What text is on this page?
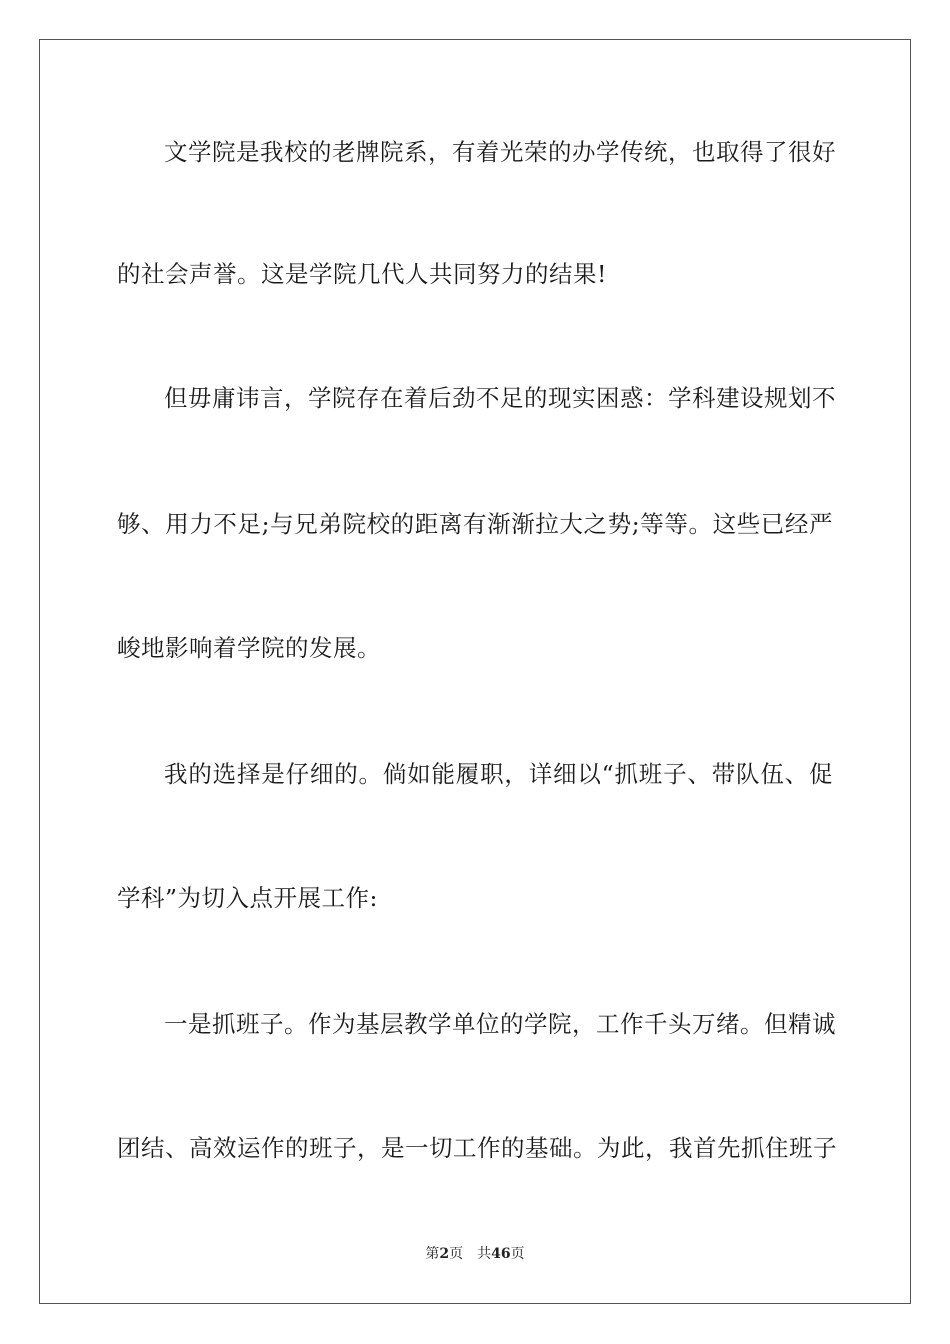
文学院是我校的老牌院系，有着光荣的办学传统，也取得了很好
的社会声誉。这是学院几代人共同努力的结果!
但毋庸讳言，学院存在着后劲不足的现实困惑：学科建设规划不
够、用力不足;与兄弟院校的距离有渐渐拉大之势;等等。这些已经严
峻地影响着学院的发展。
我的选择是仔细的。倘如能履职，详细以“抓班子、带队伍、促
学科”为切入点开展工作:
一是抓班子。作为基层教学单位的学院，工作千头万绪。但精诚
团结、高效运作的班子，是一切工作的基础。为此，我首先抓住班子
第2页 共46页
